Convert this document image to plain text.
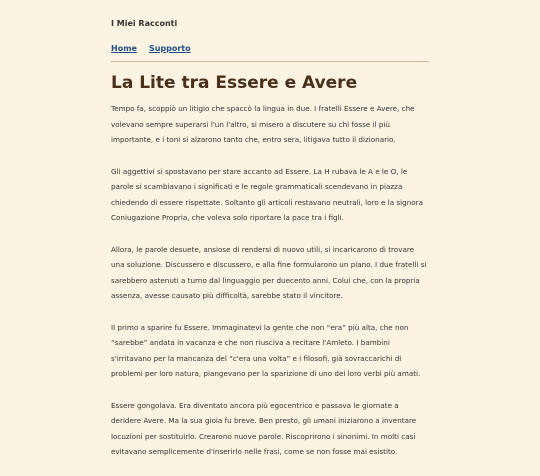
I Miei Racconti
Home Supporto
La Lite tra Essere e Avere

Tempo fa, scoppiò un litigio che spaccò la lingua in due. I fratelli Essere e Avere, che volevano sempre superarsi l'un l'altro, si misero a discutere su chi fosse il più importante, e i toni si alzarono tanto che, entro sera, litigava tutto il dizionario.

Gli aggettivi si spostavano per stare accanto ad Essere. La H rubava le A e le O, le parole si scambiavano i significati e le regole grammaticali scendevano in piazza chiedendo di essere rispettate. Soltanto gli articoli restavano neutrali, loro e la signora Coniugazione Propria, che voleva solo riportare la pace tra i figli.

Allora, le parole desuete, ansiose di rendersi di nuovo utili, si incaricarono di trovare una soluzione. Discussero e discussero, e alla fine formularono un piano. I due fratelli si sarebbero astenuti a turno dal linguaggio per duecento anni. Colui che, con la propria assenza, avesse causato più difficoltà, sarebbe stato il vincitore.

Il primo a sparire fu Essere. Immaginatevi la gente che non “era” più alta, che non “sarebbe” andata in vacanza e che non riusciva a recitare l'Amleto. I bambini s'irritavano per la mancanza del “c'era una volta” e i filosofi, già sovraccarichi di problemi per loro natura, piangevano per la sparizione di uno dei loro verbi più amati.

Essere gongolava. Era diventato ancora più egocentrico e passava le giornate a deridere Avere. Ma la sua gioia fu breve. Ben presto, gli umani iniziarono a inventare locuzioni per sostituirlo. Crearono nuove parole. Riscoprirono i sinonimi. In molti casi evitavano semplicemente d'inserirlo nelle frasi, come se non fosse mai esistito.
